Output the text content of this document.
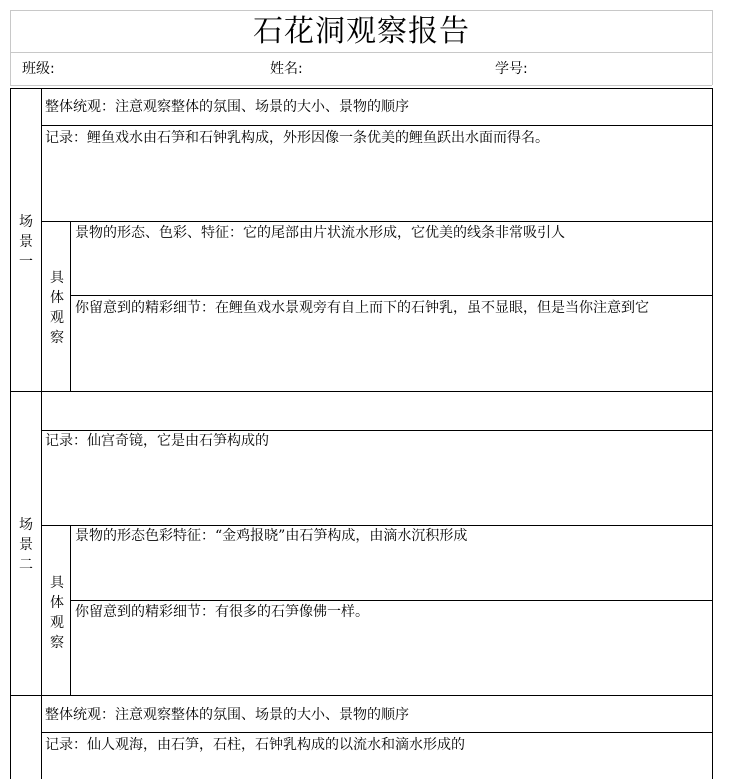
石花洞观察报告
班级:	姓名:	学号:
场
景
一
整体统观：注意观察整体的氛围、场景的大小、景物的顺序
记录：鲤鱼戏水由石笋和石钟乳构成，外形因像一条优美的鲤鱼跃出水面而得名。
具
体
观
察
景物的形态、色彩、特征：它的尾部由片状流水形成，它优美的线条非常吸引人
你留意到的精彩细节：在鲤鱼戏水景观旁有自上而下的石钟乳，虽不显眼，但是当你注意到它
场
景
二
记录：仙宫奇镜，它是由石笋构成的
具
体
观
察
景物的形态色彩特征：“金鸡报晓”由石笋构成，由滴水沉积形成
你留意到的精彩细节：有很多的石笋像佛一样。
整体统观：注意观察整体的氛围、场景的大小、景物的顺序
记录：仙人观海，由石笋，石柱，石钟乳构成的以流水和滴水形成的
